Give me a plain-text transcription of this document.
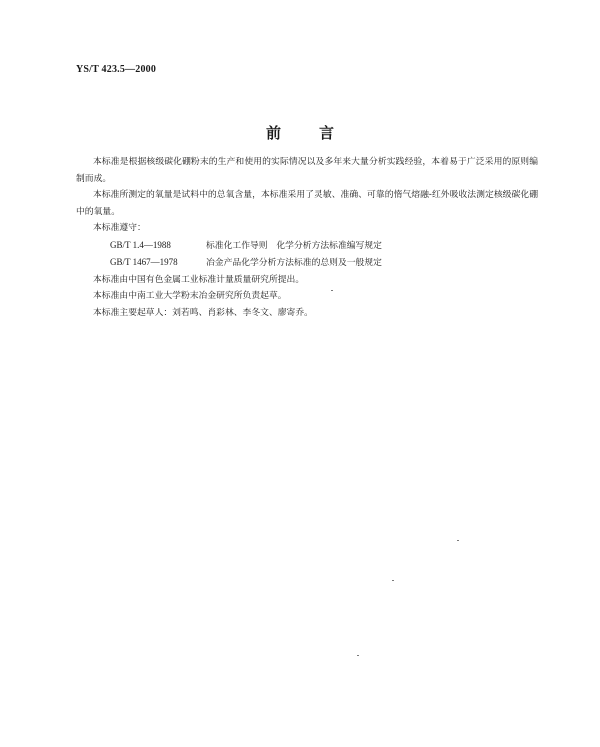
YS/T 423.5—2000
前言

本标准是根据核级碳化硼粉末的生产和使用的实际情况以及多年来大量分析实践经验，本着易于广泛采用的原则编制而成。

本标准所测定的氧量是试料中的总氧含量，本标准采用了灵敏、准确、可靠的惰气熔融-红外吸收法测定核级碳化硼中的氧量。

本标准遵守：

GB/T 1.4—1988	标准化工作导则　化学分析方法标准编写规定

GB/T 1467—1978	冶金产品化学分析方法标准的总则及一般规定

本标准由中国有色金属工业标准计量质量研究所提出。

本标准由中南工业大学粉末冶金研究所负责起草。

本标准主要起草人：刘若鸣、肖彩林、李冬文、廖寄乔。
